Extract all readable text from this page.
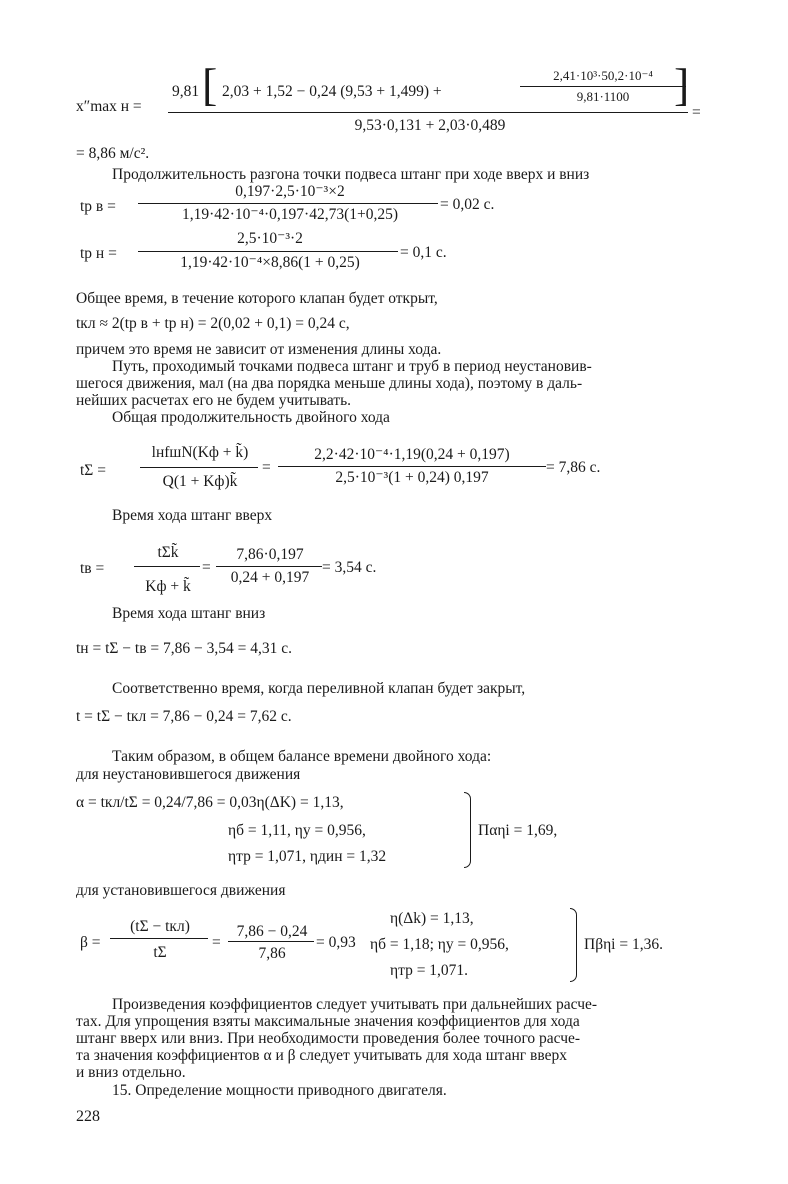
x″max н =
9,81 [ 2,03 + 1,52 − 0,24 (9,53 + 1,499) +
2,41·10³·50,2·10⁻⁴
9,81·1100 ]
=
9,53·0,131 + 2,03·0,489
= 8,86 м/с².
Продолжительность разгона точки подвеса штанг при ходе вверх и вниз
tр в =
0,197·2,5·10⁻³×2
1,19·42·10⁻⁴·0,197·42,73(1+0,25)
= 0,02 с.
tр н =
2,5·10⁻³·2
1,19·42·10⁻⁴×8,86(1 + 0,25)
= 0,1 с.
Общее время, в течение которого клапан будет открыт,
tкл ≈ 2(tр в + tр н) = 2(0,02 + 0,1) = 0,24 с,
причем это время не зависит от изменения длины хода.
Путь, проходимый точками подвеса штанг и труб в период неустановив-
шегося движения, мал (на два порядка меньше длины хода), поэтому в даль-
нейших расчетах его не будем учитывать.
Общая продолжительность двойного хода
tΣ =
lнfшN(Kф + k̃)
Q(1 + Kф)k̃
=
2,2·42·10⁻⁴·1,19(0,24 + 0,197)
2,5·10⁻³(1 + 0,24) 0,197
= 7,86 с.
Время хода штанг вверх
tв =
tΣk̃
Kф + k̃
=
7,86·0,197
0,24 + 0,197
= 3,54 с.
Время хода штанг вниз
tн = tΣ − tв = 7,86 − 3,54 = 4,31 с.
Соответственно время, когда переливной клапан будет закрыт,
t = tΣ − tкл = 7,86 − 0,24 = 7,62 с.
Таким образом, в общем балансе времени двойного хода:
для неустановившегося движения
α = tкл/tΣ = 0,24/7,86 = 0,03η(ΔK) = 1,13,
ηб = 1,11, ηу = 0,956,
ηтр = 1,071, ηдин = 1,32
Παηi = 1,69,
для установившегося движения
β =
(tΣ − tкл)
tΣ
=
7,86 − 0,24
7,86
= 0,93
η(Δk) = 1,13,
ηб = 1,18; ηу = 0,956,
ηтр = 1,071.
Πβηi = 1,36.
Произведения коэффициентов следует учитывать при дальнейших расче-
тах. Для упрощения взяты максимальные значения коэффициентов для хода
штанг вверх или вниз. При необходимости проведения более точного расче-
та значения коэффициентов α и β следует учитывать для хода штанг вверх
и вниз отдельно.
15. Определение мощности приводного двигателя.
228
